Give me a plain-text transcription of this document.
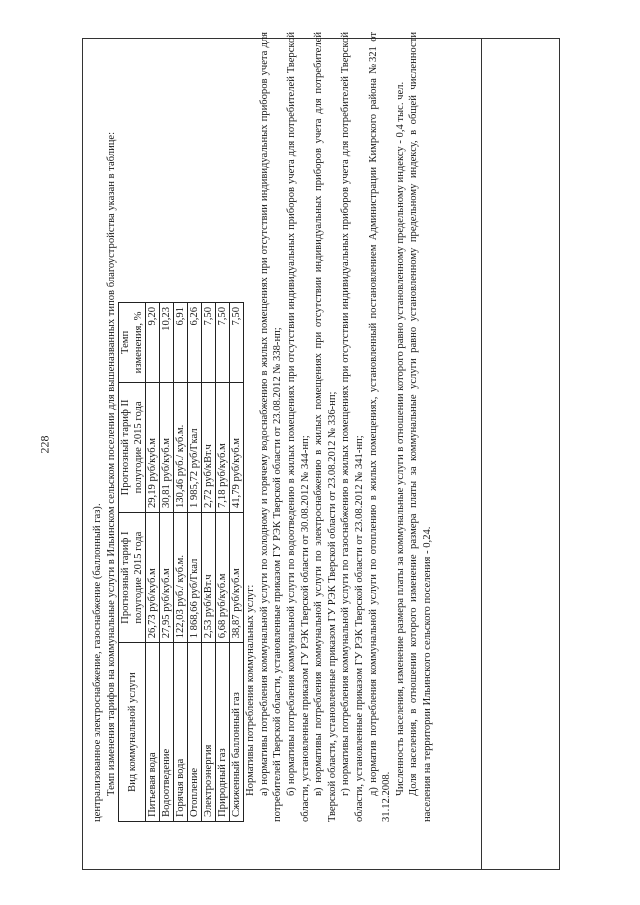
228

централизованное электроснабжение, газоснабжение (баллонный газ). Темп изменения тарифов на коммунальные услуги в Ильинском сельском поселении для вышеназванных типов благоустройства указан в таблице: Вид коммунальной услуги	Прогнозный тариф I полугодие 2015 года	Прогнозный тариф II полугодие 2015 года	Темп изменения, %
Питьевая вода	26,73 руб/куб.м	29,19 руб/куб.м	9,20
Водоотведение	27,95 руб/куб.м	30,81 руб/куб.м	10,23
Горячая вода	122,03 руб./ куб.м.	130,46 руб./ куб.м.	6,91
Отопление	1 868,66 руб/Гкал	1 985,72 руб/Гкал	6,26
Электроэнергия	2,53 руб/кВт.ч	2,72 руб/кВт.ч	7,50
Природный газ	6,68 руб/куб.м	7,18 руб/куб.м	7,50
Сжиженный баллонный газ	38,87 руб/куб.м	41,79 руб/куб.м	7,50

Нормативы потребления коммунальных услуг: а) нормативы потребления коммунальной услуги по холодному и горячему водоснабжению в жилых помещениях при отсутствии индивидуальных приборов учета для потребителей Тверской области, установленные приказом ГУ РЭК Тверской области от 23.08.2012 № 338-нп; б) нормативы потребления коммунальной услуги по водоотведению в жилых помещениях при отсутствии индивидуальных приборов учета для потребителей Тверской области, установленные приказом ГУ РЭК Тверской области от 30.08.2012 № 344-нп; в) нормативы потребления коммунальной услуги по электроснабжению в жилых помещениях при отсутствии индивидуальных приборов учета для потребителей Тверской области, установленные приказом ГУ РЭК Тверской области от 23.08.2012 № 336-нп; г) нормативы потребления коммунальной услуги по газоснабжению в жилых помещениях при отсутствии индивидуальных приборов учета для потребителей Тверской области, установленные приказом ГУ РЭК Тверской области от 23.08.2012 № 341-нп; д) норматив потребления коммунальной услуги по отоплению в жилых помещениях, установленный постановлением Администрации Кимрского района №321 от 31.12.2008.

Численность населения, изменение размера платы за коммунальные услуги в отношении которого равно установленному предельному индексу - 0,4 тыс. чел. Доля населения, в отношении которого изменение размера платы за коммунальные услуги равно установленному предельному индексу, в общей численности населения на территории Ильинского сельского поселения - 0,24.
